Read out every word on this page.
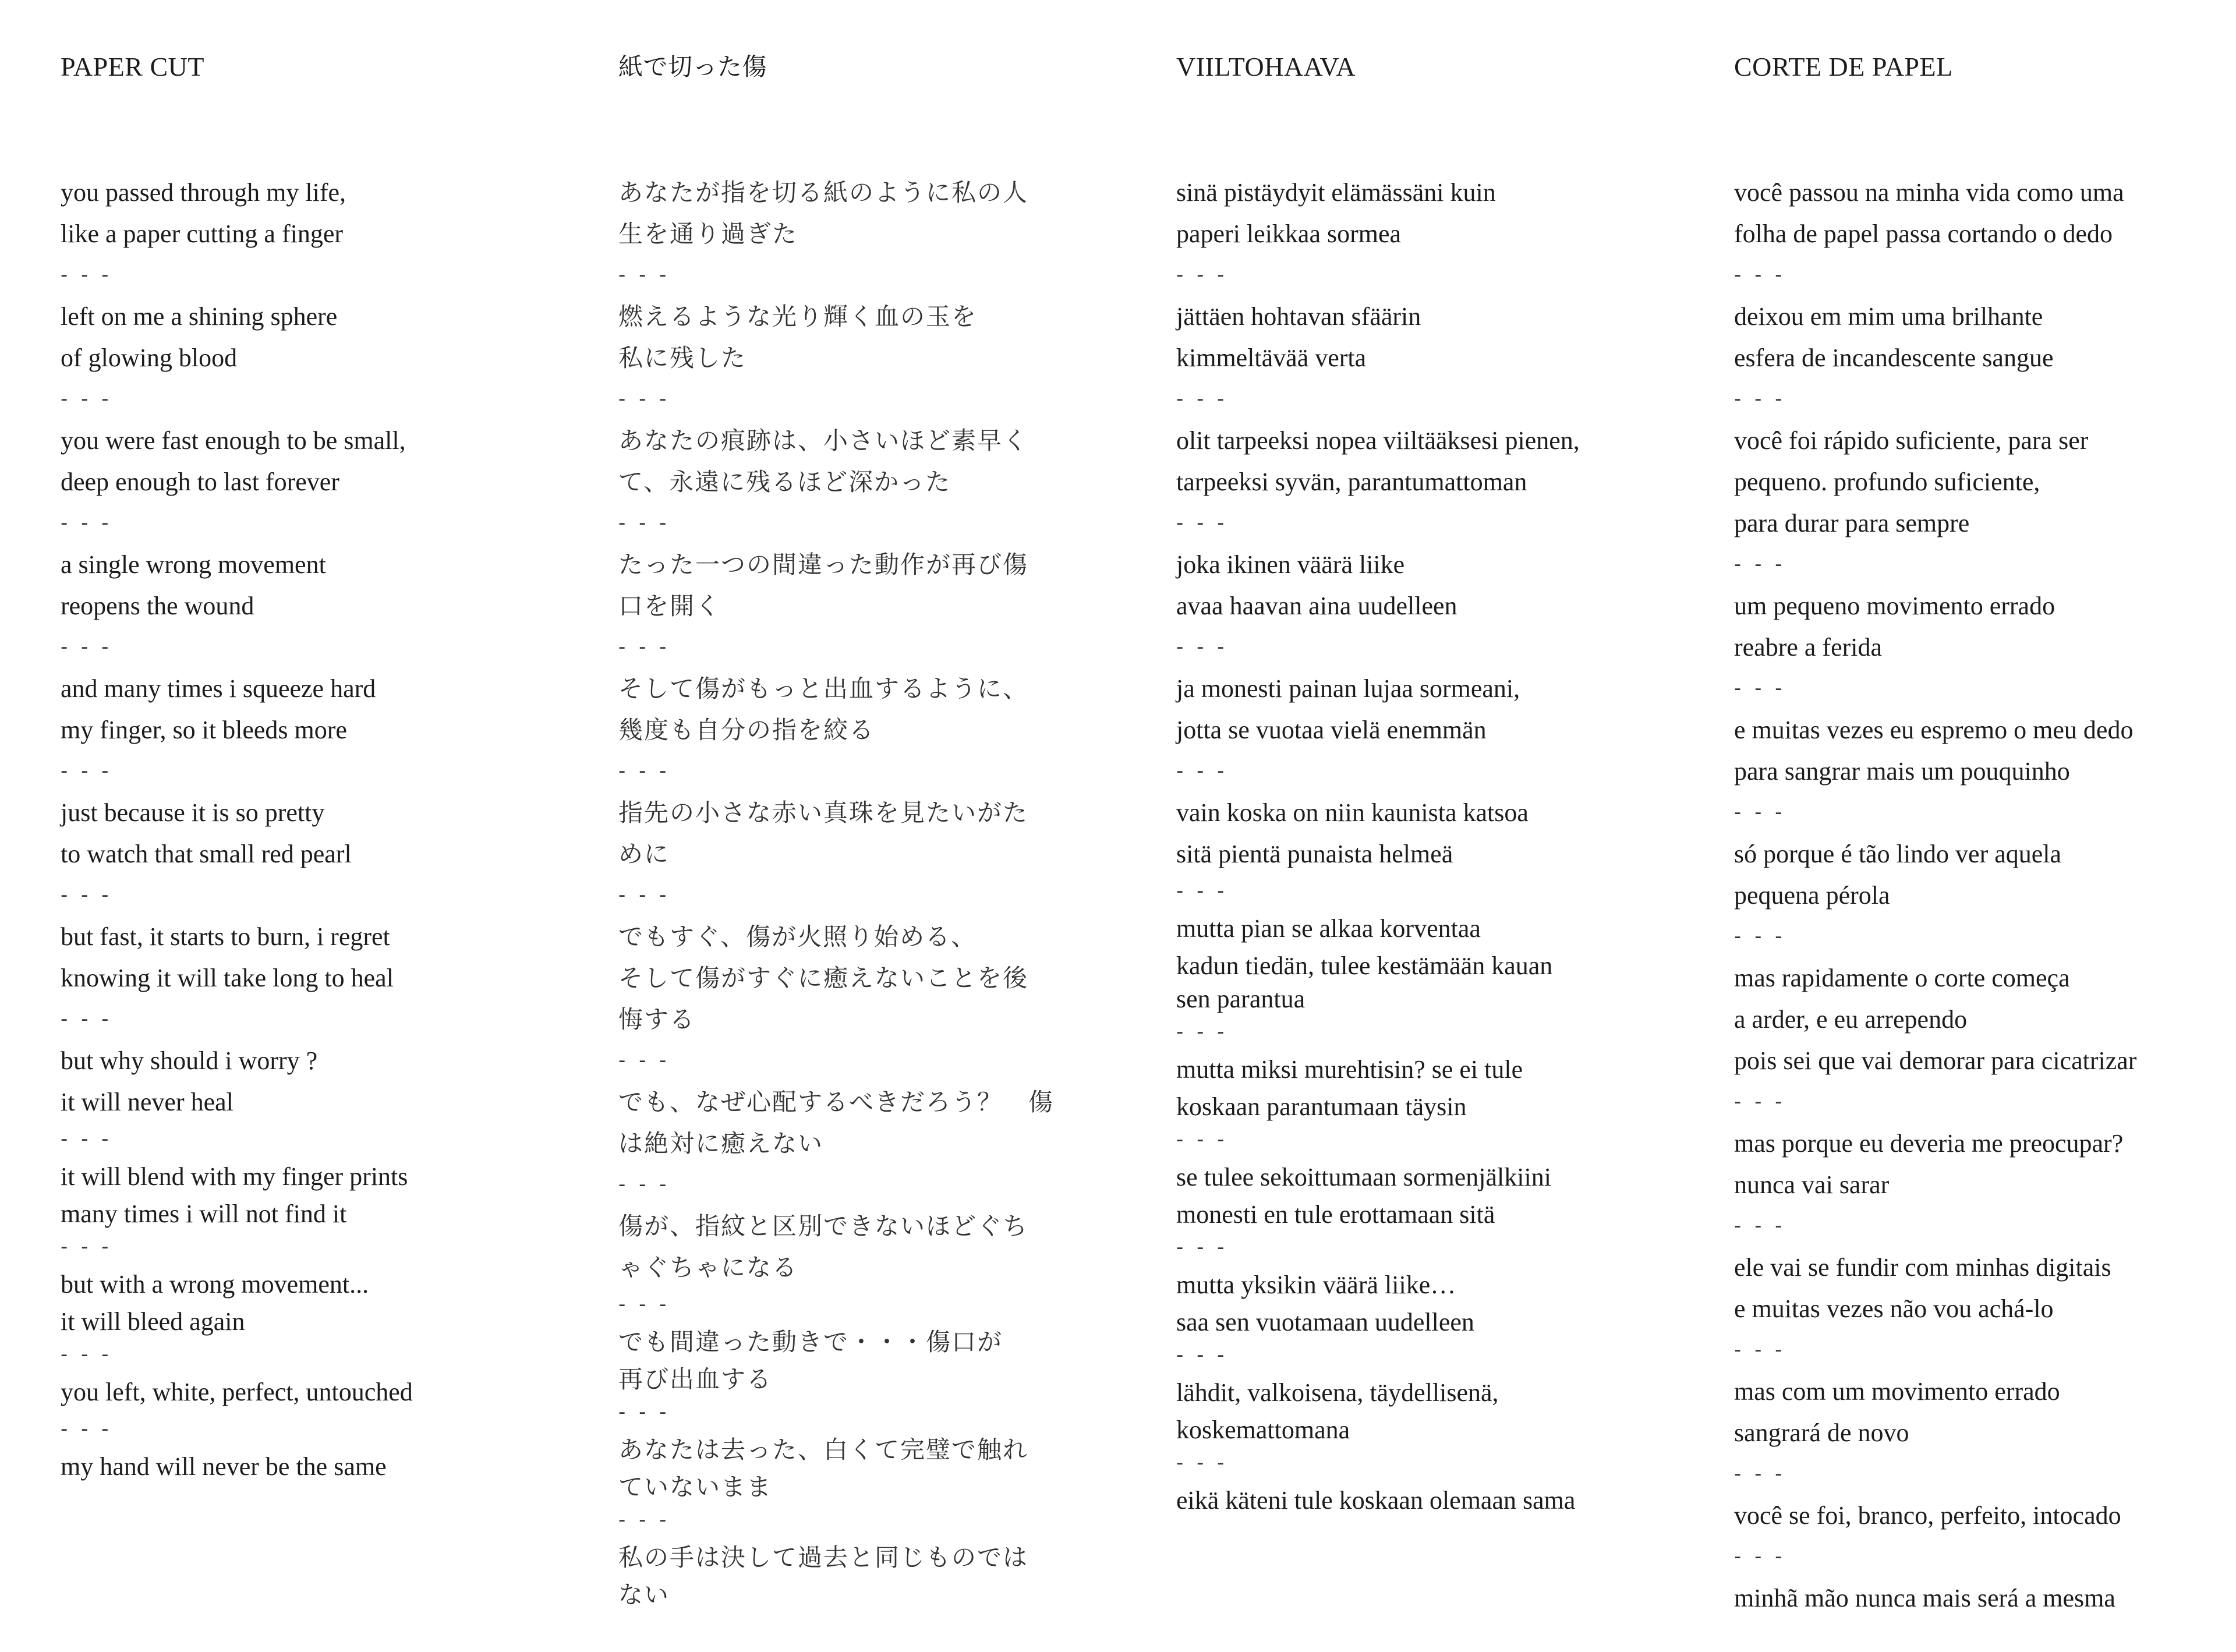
PAPER CUT
you passed through my life,
like a paper cutting a finger
- - -
left on me a shining sphere
of glowing blood
- - -
you were fast enough to be small,
deep enough to last forever
- - -
a single wrong movement
reopens the wound
- - -
and many times i squeeze hard
my finger, so it bleeds more
- - -
just because it is so pretty
to watch that small red pearl
- - -
but fast, it starts to burn, i regret
knowing it will take long to heal
- - -
but why should i worry ?
it will never heal
- - -
it will blend with my finger prints
many times i will not find it
- - -
but with a wrong movement...
it will bleed again
- - -
you left, white, perfect, untouched
- - -
my hand will never be the same
紙で切った傷
あなたが指を切る紙のように私の人
生を通り過ぎた
- - -
燃えるような光り輝く血の玉を
私に残した
- - -
あなたの痕跡は、小さいほど素早く
て、永遠に残るほど深かった
- - -
たった一つの間違った動作が再び傷
口を開く
- - -
そして傷がもっと出血するように、
幾度も自分の指を絞る
- - -
指先の小さな赤い真珠を見たいがた
めに
- - -
でもすぐ、傷が火照り始める、
そして傷がすぐに癒えないことを後
悔する
- - -
でも、なぜ心配するべきだろう？　傷
は絶対に癒えない
- - -
傷が、指紋と区別できないほどぐち
ゃぐちゃになる
- - -
でも間違った動きで・・・傷口が
再び出血する
- - -
あなたは去った、白くて完璧で触れ
ていないまま
- - -
私の手は決して過去と同じものでは
ない
VIILTOHAAVA
sinä pistäydyit elämässäni kuin
paperi leikkaa sormea
- - -
jättäen hohtavan sfäärin
kimmeltävää verta
- - -
olit tarpeeksi nopea viiltääksesi pienen,
tarpeeksi syvän, parantumattoman
- - -
joka ikinen väärä liike
avaa haavan aina uudelleen
- - -
ja monesti painan lujaa sormeani,
jotta se vuotaa vielä enemmän
- - -
vain koska on niin kaunista katsoa
sitä pientä punaista helmeä
- - -
mutta pian se alkaa korventaa
kadun tiedän, tulee kestämään kauan
sen parantua
- - -
mutta miksi murehtisin? se ei tule
koskaan parantumaan täysin
- - -
se tulee sekoittumaan sormenjälkiini
monesti en tule erottamaan sitä
- - -
mutta yksikin väärä liike…
saa sen vuotamaan uudelleen
- - -
lähdit, valkoisena, täydellisenä,
koskemattomana
- - -
eikä käteni tule koskaan olemaan sama
CORTE DE PAPEL
você passou na minha vida como uma
folha de papel passa cortando o dedo
- - -
deixou em mim uma brilhante
esfera de incandescente sangue
- - -
você foi rápido suficiente, para ser
pequeno. profundo suficiente,
para durar para sempre
- - -
um pequeno movimento errado
reabre a ferida
- - -
e muitas vezes eu espremo o meu dedo
para sangrar mais um pouquinho
- - -
só porque é tão lindo ver aquela
pequena pérola
- - -
mas rapidamente o corte começa
a arder, e eu arrependo
pois sei que vai demorar para cicatrizar
- - -
mas porque eu deveria me preocupar?
nunca vai sarar
- - -
ele vai se fundir com minhas digitais
e muitas vezes não vou achá-lo
- - -
mas com um movimento errado
sangrará de novo
- - -
você se foi, branco, perfeito, intocado
- - -
minhã mão nunca mais será a mesma
